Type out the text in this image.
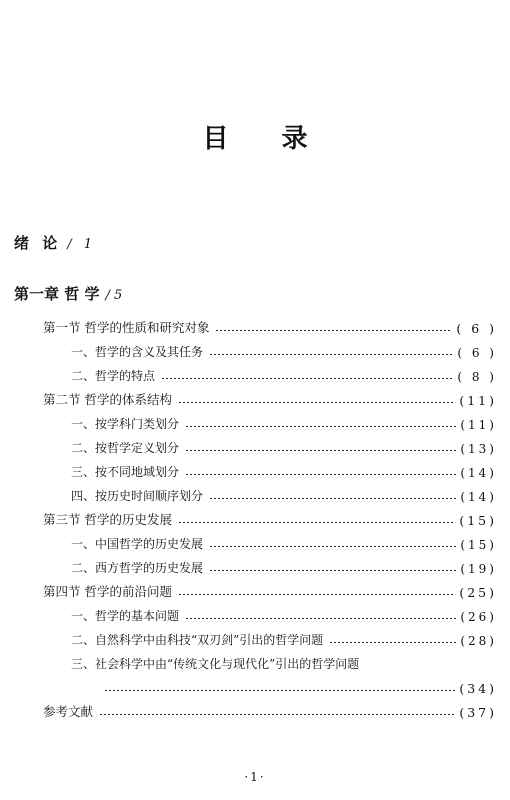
目 录
绪 论 / 1
第一章 哲 学 / 5
第一节 哲学的性质和研究对象	( 6 )
一、哲学的含义及其任务	( 6 )
二、哲学的特点	( 8 )
第二节 哲学的体系结构	(11)
一、按学科门类划分	(11)
二、按哲学定义划分	(13)
三、按不同地域划分	(14)
四、按历史时间顺序划分	(14)
第三节 哲学的历史发展	(15)
一、中国哲学的历史发展	(15)
二、西方哲学的历史发展	(19)
第四节 哲学的前沿问题	(25)
一、哲学的基本问题	(26)
二、自然科学中由科技“双刃剑”引出的哲学问题	(28)
三、社会科学中由“传统文化与现代化”引出的哲学问题
(34)
参考文献	(37)
·1·
